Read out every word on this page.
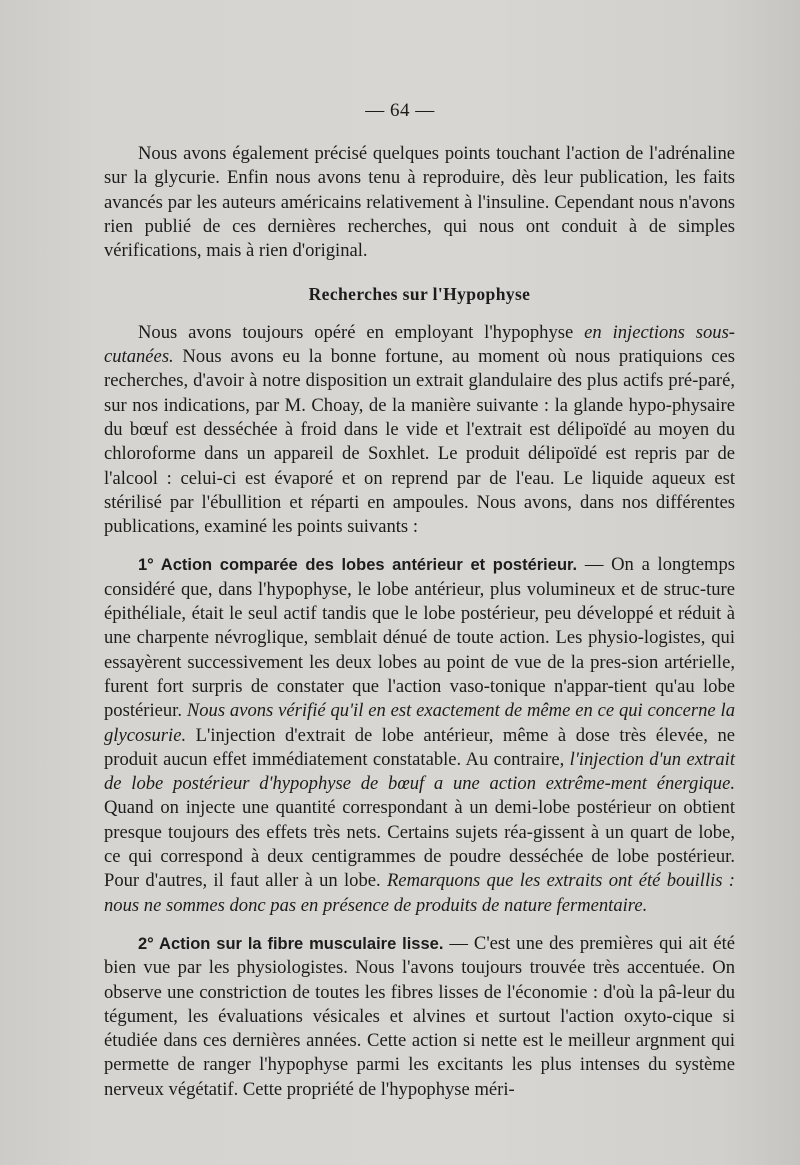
— 64 —

Nous avons également précisé quelques points touchant l'action de l'adrénaline sur la glycurie. Enfin nous avons tenu à reproduire, dès leur publication, les faits avancés par les auteurs américains relativement à l'insuline. Cependant nous n'avons rien publié de ces dernières recherches, qui nous ont conduit à de simples vérifications, mais à rien d'original.

Recherches sur l'Hypophyse

Nous avons toujours opéré en employant l'hypophyse en injections sous-cutanées. Nous avons eu la bonne fortune, au moment où nous pratiquions ces recherches, d'avoir à notre disposition un extrait glandulaire des plus actifs pré-paré, sur nos indications, par M. Choay, de la manière suivante : la glande hypo-physaire du bœuf est desséchée à froid dans le vide et l'extrait est délipoïdé au moyen du chloroforme dans un appareil de Soxhlet. Le produit délipoïdé est repris par de l'alcool : celui-ci est évaporé et on reprend par de l'eau. Le liquide aqueux est stérilisé par l'ébullition et réparti en ampoules. Nous avons, dans nos différentes publications, examiné les points suivants :

1° Action comparée des lobes antérieur et postérieur. — On a longtemps considéré que, dans l'hypophyse, le lobe antérieur, plus volumineux et de struc-ture épithéliale, était le seul actif tandis que le lobe postérieur, peu développé et réduit à une charpente névroglique, semblait dénué de toute action. Les physio-logistes, qui essayèrent successivement les deux lobes au point de vue de la pres-sion artérielle, furent fort surpris de constater que l'action vaso-tonique n'appar-tient qu'au lobe postérieur. Nous avons vérifié qu'il en est exactement de même en ce qui concerne la glycosurie. L'injection d'extrait de lobe antérieur, même à dose très élevée, ne produit aucun effet immédiatement constatable. Au contraire, l'injection d'un extrait de lobe postérieur d'hypophyse de bœuf a une action extrême-ment énergique. Quand on injecte une quantité correspondant à un demi-lobe postérieur on obtient presque toujours des effets très nets. Certains sujets réa-gissent à un quart de lobe, ce qui correspond à deux centigrammes de poudre desséchée de lobe postérieur. Pour d'autres, il faut aller à un lobe. Remarquons que les extraits ont été bouillis : nous ne sommes donc pas en présence de produits de nature fermentaire.

2° Action sur la fibre musculaire lisse. — C'est une des premières qui ait été bien vue par les physiologistes. Nous l'avons toujours trouvée très accentuée. On observe une constriction de toutes les fibres lisses de l'économie : d'où la pâ-leur du tégument, les évaluations vésicales et alvines et surtout l'action oxyto-cique si étudiée dans ces dernières années. Cette action si nette est le meilleur argnment qui permette de ranger l'hypophyse parmi les excitants les plus intenses du système nerveux végétatif. Cette propriété de l'hypophyse méri-
